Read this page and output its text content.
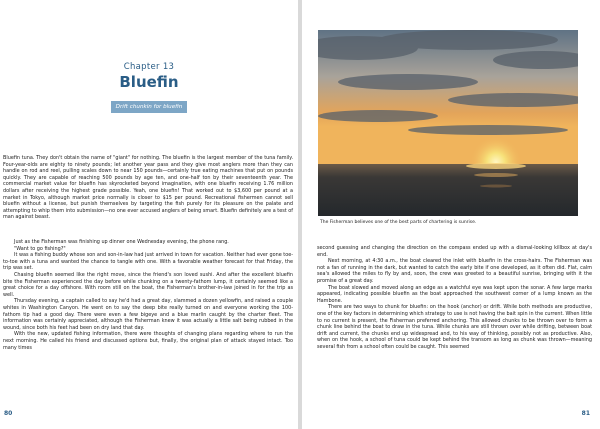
Chapter 13
Bluefin
Drift chunkin for bluefin

Bluefin tuna. They don't obtain the name of "giant" for nothing. The bluefin is the largest member of the tuna family. Four-year-olds are eighty to ninety pounds; let another year pass and they give most anglers more than they can handle on rod and reel, pulling scales down to near 150 pounds—certainly true eating machines that put on pounds quickly. They are capable of reaching 500 pounds by age ten, and one-half ton by their seventeenth year. The commercial market value for bluefin has skyrocketed beyond imagination, with one bluefin receiving 1.76 million dollars after receiving the highest grade possible. Yeah, one bluefin! That worked out to $3,600 per pound at a market in Tokyo, although market price normally is closer to $15 per pound. Recreational fishermen cannot sell bluefin without a license, but punish themselves by targeting the fish purely for its pleasure on the palate and attempting to whip them into submission—no one ever accused anglers of being smart. Bluefin definitely are a test of man against beast.

Just as the Fisherman was finishing up dinner one Wednesday evening, the phone rang.

"Want to go fishing?"

It was a fishing buddy whose son and son-in-law had just arrived in town for vacation. Neither had ever gone toe-to-toe with a tuna and wanted the chance to tangle with one. With a favorable weather forecast for that Friday, the trip was set.

Chasing bluefin seemed like the right move, since the friend's son loved sushi. And after the excellent bluefin bite the Fisherman experienced the day before while chunking on a twenty-fathom lump, it certainly seemed like a great choice for a day offshore. With room still on the boat, the Fisherman's brother-in-law joined in for the trip as well.

Thursday evening, a captain called to say he'd had a great day, slammed a dozen yellowfin, and raised a couple whites in Washington Canyon. He went on to say the deep bite really turned on and everyone working the 100-fathom tip had a good day. There were even a few bigeye and a blue marlin caught by the charter fleet. The information was certainly appreciated, although the Fisherman knew it was actually a little salt being rubbed in the wound, since both his feet had been on dry land that day.

With the new, updated fishing information, there were thoughts of changing plans regarding where to run the next morning. He called his friend and discussed options but, finally, the original plan of attack stayed intact. Too many times

80
The Fisherman believes one of the best parts of chartering is sunrise.

second guessing and changing the direction on the compass ended up with a dismal-looking killbox at day's end.

Next morning, at 4:30 a.m., the boat cleared the inlet with bluefin in the cross-hairs. The Fisherman was not a fan of running in the dark, but wanted to catch the early bite if one developed, as it often did. Flat, calm sea's allowed the miles to fly by and, soon, the crew was greeted to a beautiful sunrise, bringing with it the promise of a great day.

The boat slowed and moved along an edge as a watchful eye was kept upon the sonar. A few large marks appeared, indicating possible bluefin as the boat approached the southwest corner of a lump known as the Hambone.

There are two ways to chunk for bluefin: on the hook (anchor) or drift. While both methods are productive, one of the key factors in determining which strategy to use is not having the bait spin in the current. When little to no current is present, the Fisherman preferred anchoring. This allowed chunks to be thrown over to form a chunk line behind the boat to draw in the tuna. While chunks are still thrown over while drifting, between boat drift and current, the chunks end up widespread and, to his way of thinking, possibly not as productive. Also, when on the hook, a school of tuna could be kept behind the transom as long as chunk was thrown—meaning several fish from a school often could be caught. This seemed

81
